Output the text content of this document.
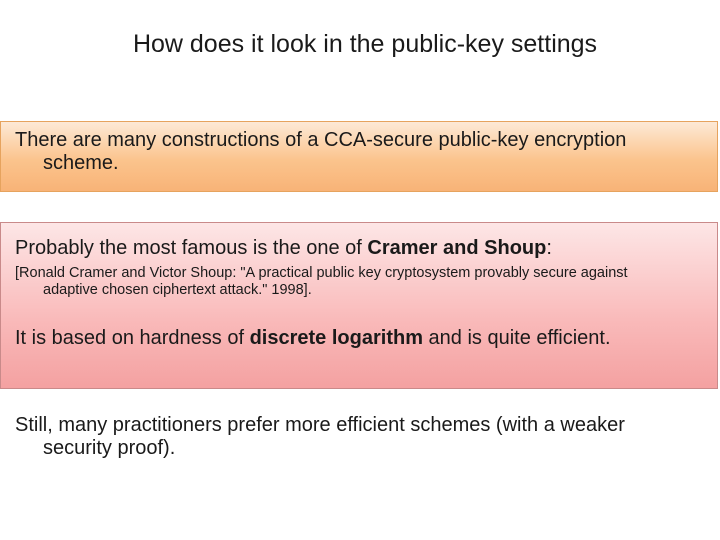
How does it look in the public-key settings

There are many constructions of a CCA-secure public-key encryption scheme.

Probably the most famous is the one of Cramer and Shoup:

[Ronald Cramer and Victor Shoup: "A practical public key cryptosystem provably secure against adaptive chosen ciphertext attack." 1998].

It is based on hardness of discrete logarithm and is quite efficient.

Still, many practitioners prefer more efficient schemes (with a weaker security proof).
